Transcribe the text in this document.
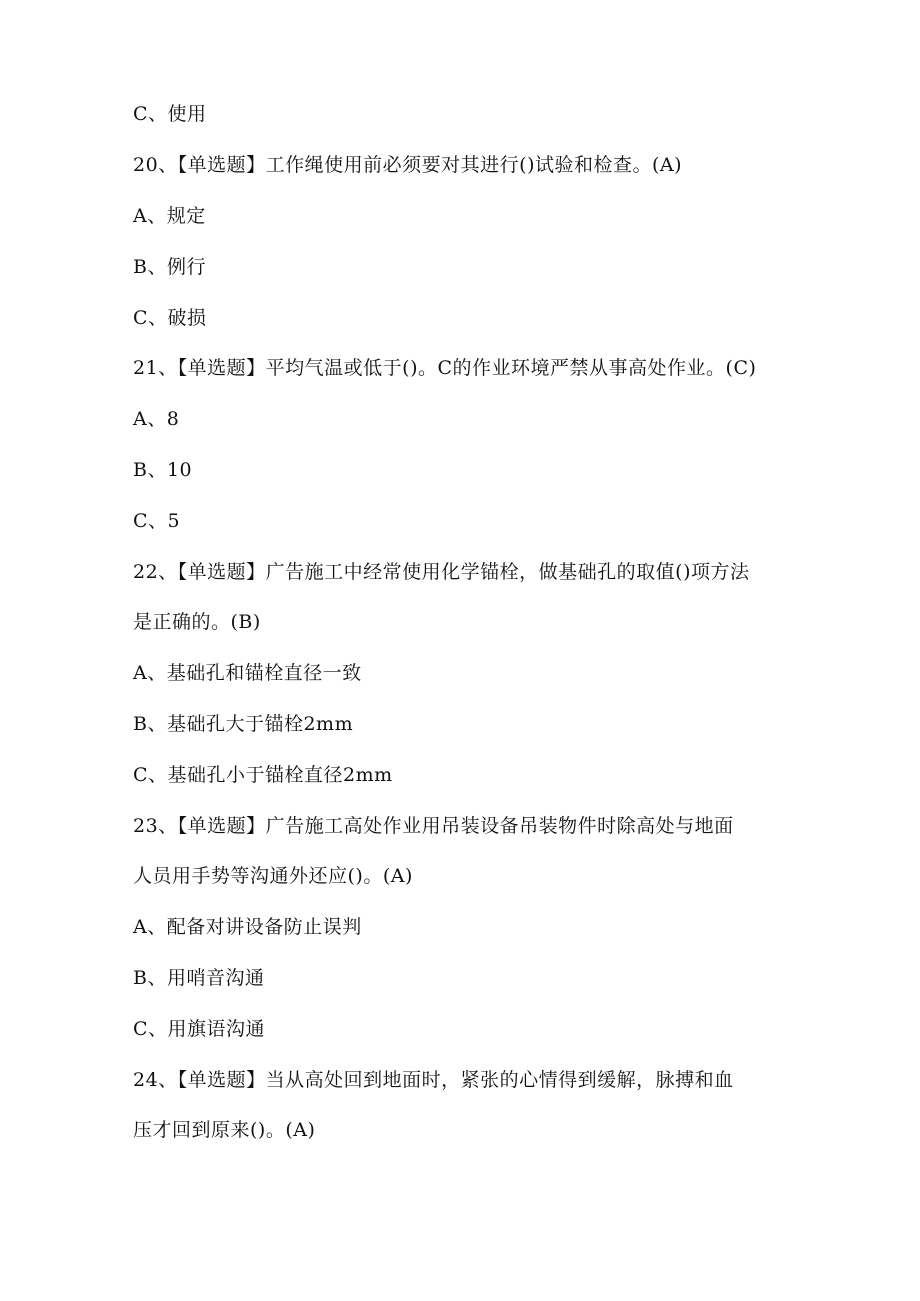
C、使用
20、【单选题】工作绳使用前必须要对其进行()试验和检查。(A)
A、规定
B、例行
C、破损
21、【单选题】平均气温或低于()。C的作业环境严禁从事高处作业。(C)
A、8
B、10
C、5
22、【单选题】广告施工中经常使用化学锚栓，做基础孔的取值()项方法
是正确的。(B)
A、基础孔和锚栓直径一致
B、基础孔大于锚栓2mm
C、基础孔小于锚栓直径2mm
23、【单选题】广告施工高处作业用吊装设备吊装物件时除高处与地面
人员用手势等沟通外还应()。(A)
A、配备对讲设备防止误判
B、用哨音沟通
C、用旗语沟通
24、【单选题】当从高处回到地面时，紧张的心情得到缓解，脉搏和血
压才回到原来()。(A)
